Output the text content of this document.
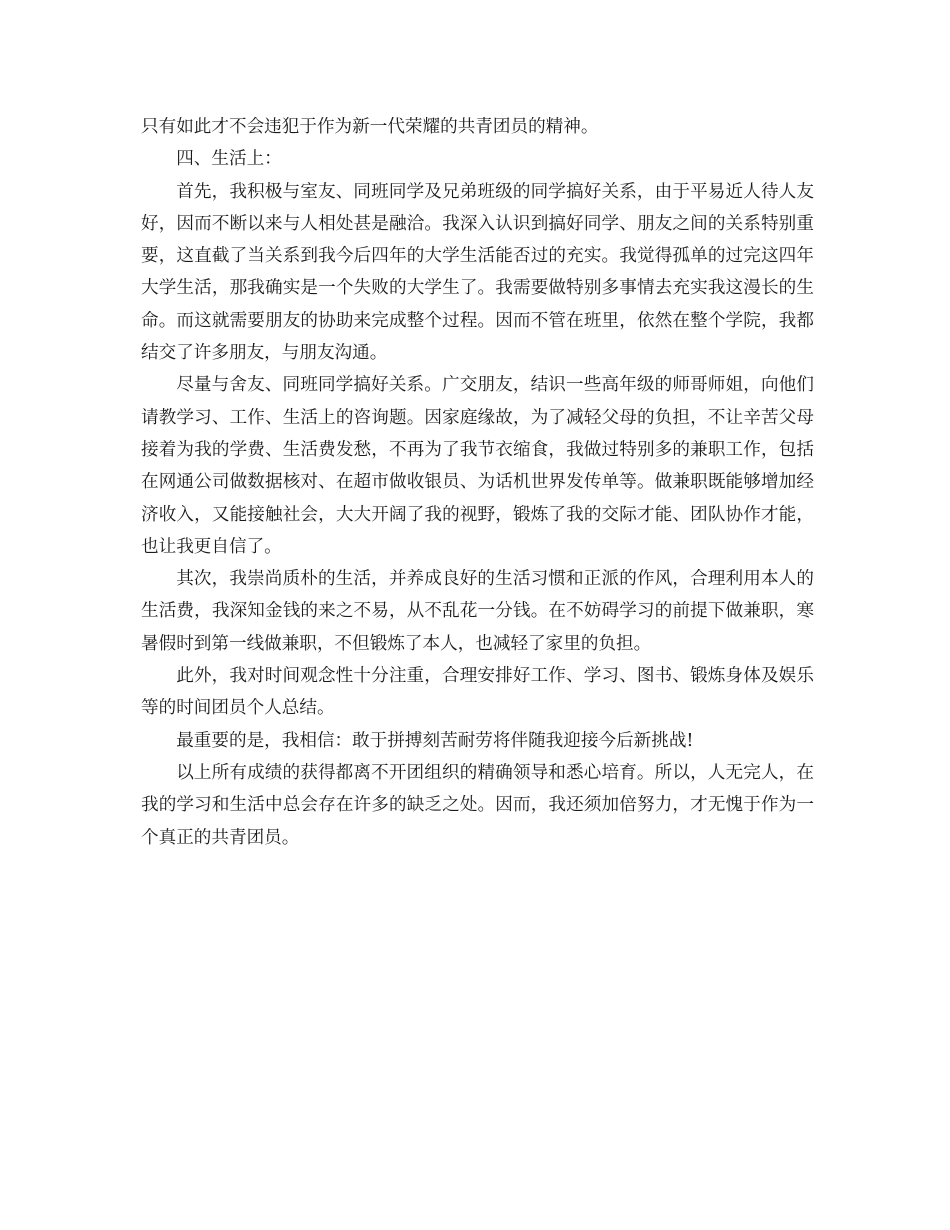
只有如此才不会违犯于作为新一代荣耀的共青团员的精神。

四、生活上：

首先，我积极与室友、同班同学及兄弟班级的同学搞好关系，由于平易近人待人友好，因而不断以来与人相处甚是融洽。我深入认识到搞好同学、朋友之间的关系特别重要，这直截了当关系到我今后四年的大学生活能否过的充实。我觉得孤单的过完这四年大学生活，那我确实是一个失败的大学生了。我需要做特别多事情去充实我这漫长的生命。而这就需要朋友的协助来完成整个过程。因而不管在班里，依然在整个学院，我都结交了许多朋友，与朋友沟通。

尽量与舍友、同班同学搞好关系。广交朋友，结识一些高年级的师哥师姐，向他们请教学习、工作、生活上的咨询题。因家庭缘故，为了减轻父母的负担，不让辛苦父母接着为我的学费、生活费发愁，不再为了我节衣缩食，我做过特别多的兼职工作，包括在网通公司做数据核对、在超市做收银员、为话机世界发传单等。做兼职既能够增加经济收入，又能接触社会，大大开阔了我的视野，锻炼了我的交际才能、团队协作才能，也让我更自信了。

其次，我崇尚质朴的生活，并养成良好的生活习惯和正派的作风，合理利用本人的生活费，我深知金钱的来之不易，从不乱花一分钱。在不妨碍学习的前提下做兼职，寒暑假时到第一线做兼职，不但锻炼了本人，也减轻了家里的负担。

此外，我对时间观念性十分注重，合理安排好工作、学习、图书、锻炼身体及娱乐等的时间团员个人总结。

最重要的是，我相信：敢于拼搏刻苦耐劳将伴随我迎接今后新挑战!

以上所有成绩的获得都离不开团组织的精确领导和悉心培育。所以，人无完人，在我的学习和生活中总会存在许多的缺乏之处。因而，我还须加倍努力，才无愧于作为一个真正的共青团员。
